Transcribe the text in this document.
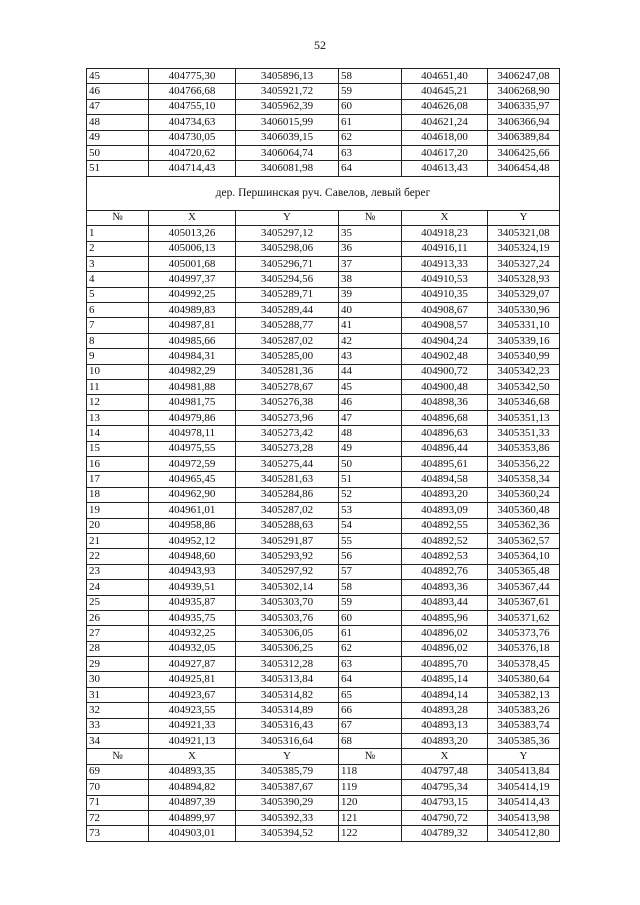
52
45	404775,30	3405896,13	58	404651,40	3406247,08
46	404766,68	3405921,72	59	404645,21	3406268,90
47	404755,10	3405962,39	60	404626,08	3406335,97
48	404734,63	3406015,99	61	404621,24	3406366,94
49	404730,05	3406039,15	62	404618,00	3406389,84
50	404720,62	3406064,74	63	404617,20	3406425,66
51	404714,43	3406081,98	64	404613,43	3406454,48
дер. Першинская руч. Савелов, левый берег					
№	X	Y	№	X	Y
1	405013,26	3405297,12	35	404918,23	3405321,08
2	405006,13	3405298,06	36	404916,11	3405324,19
3	405001,68	3405296,71	37	404913,33	3405327,24
4	404997,37	3405294,56	38	404910,53	3405328,93
5	404992,25	3405289,71	39	404910,35	3405329,07
6	404989,83	3405289,44	40	404908,67	3405330,96
7	404987,81	3405288,77	41	404908,57	3405331,10
8	404985,66	3405287,02	42	404904,24	3405339,16
9	404984,31	3405285,00	43	404902,48	3405340,99
10	404982,29	3405281,36	44	404900,72	3405342,23
11	404981,88	3405278,67	45	404900,48	3405342,50
12	404981,75	3405276,38	46	404898,36	3405346,68
13	404979,86	3405273,96	47	404896,68	3405351,13
14	404978,11	3405273,42	48	404896,63	3405351,33
15	404975,55	3405273,28	49	404896,44	3405353,86
16	404972,59	3405275,44	50	404895,61	3405356,22
17	404965,45	3405281,63	51	404894,58	3405358,34
18	404962,90	3405284,86	52	404893,20	3405360,24
19	404961,01	3405287,02	53	404893,09	3405360,48
20	404958,86	3405288,63	54	404892,55	3405362,36
21	404952,12	3405291,87	55	404892,52	3405362,57
22	404948,60	3405293,92	56	404892,53	3405364,10
23	404943,93	3405297,92	57	404892,76	3405365,48
24	404939,51	3405302,14	58	404893,36	3405367,44
25	404935,87	3405303,70	59	404893,44	3405367,61
26	404935,75	3405303,76	60	404895,96	3405371,62
27	404932,25	3405306,05	61	404896,02	3405373,76
28	404932,05	3405306,25	62	404896,02	3405376,18
29	404927,87	3405312,28	63	404895,70	3405378,45
30	404925,81	3405313,84	64	404895,14	3405380,64
31	404923,67	3405314,82	65	404894,14	3405382,13
32	404923,55	3405314,89	66	404893,28	3405383,26
33	404921,33	3405316,43	67	404893,13	3405383,74
34	404921,13	3405316,64	68	404893,20	3405385,36
№	X	Y	№	X	Y
69	404893,35	3405385,79	118	404797,48	3405413,84
70	404894,82	3405387,67	119	404795,34	3405414,19
71	404897,39	3405390,29	120	404793,15	3405414,43
72	404899,97	3405392,33	121	404790,72	3405413,98
73	404903,01	3405394,52	122	404789,32	3405412,80
